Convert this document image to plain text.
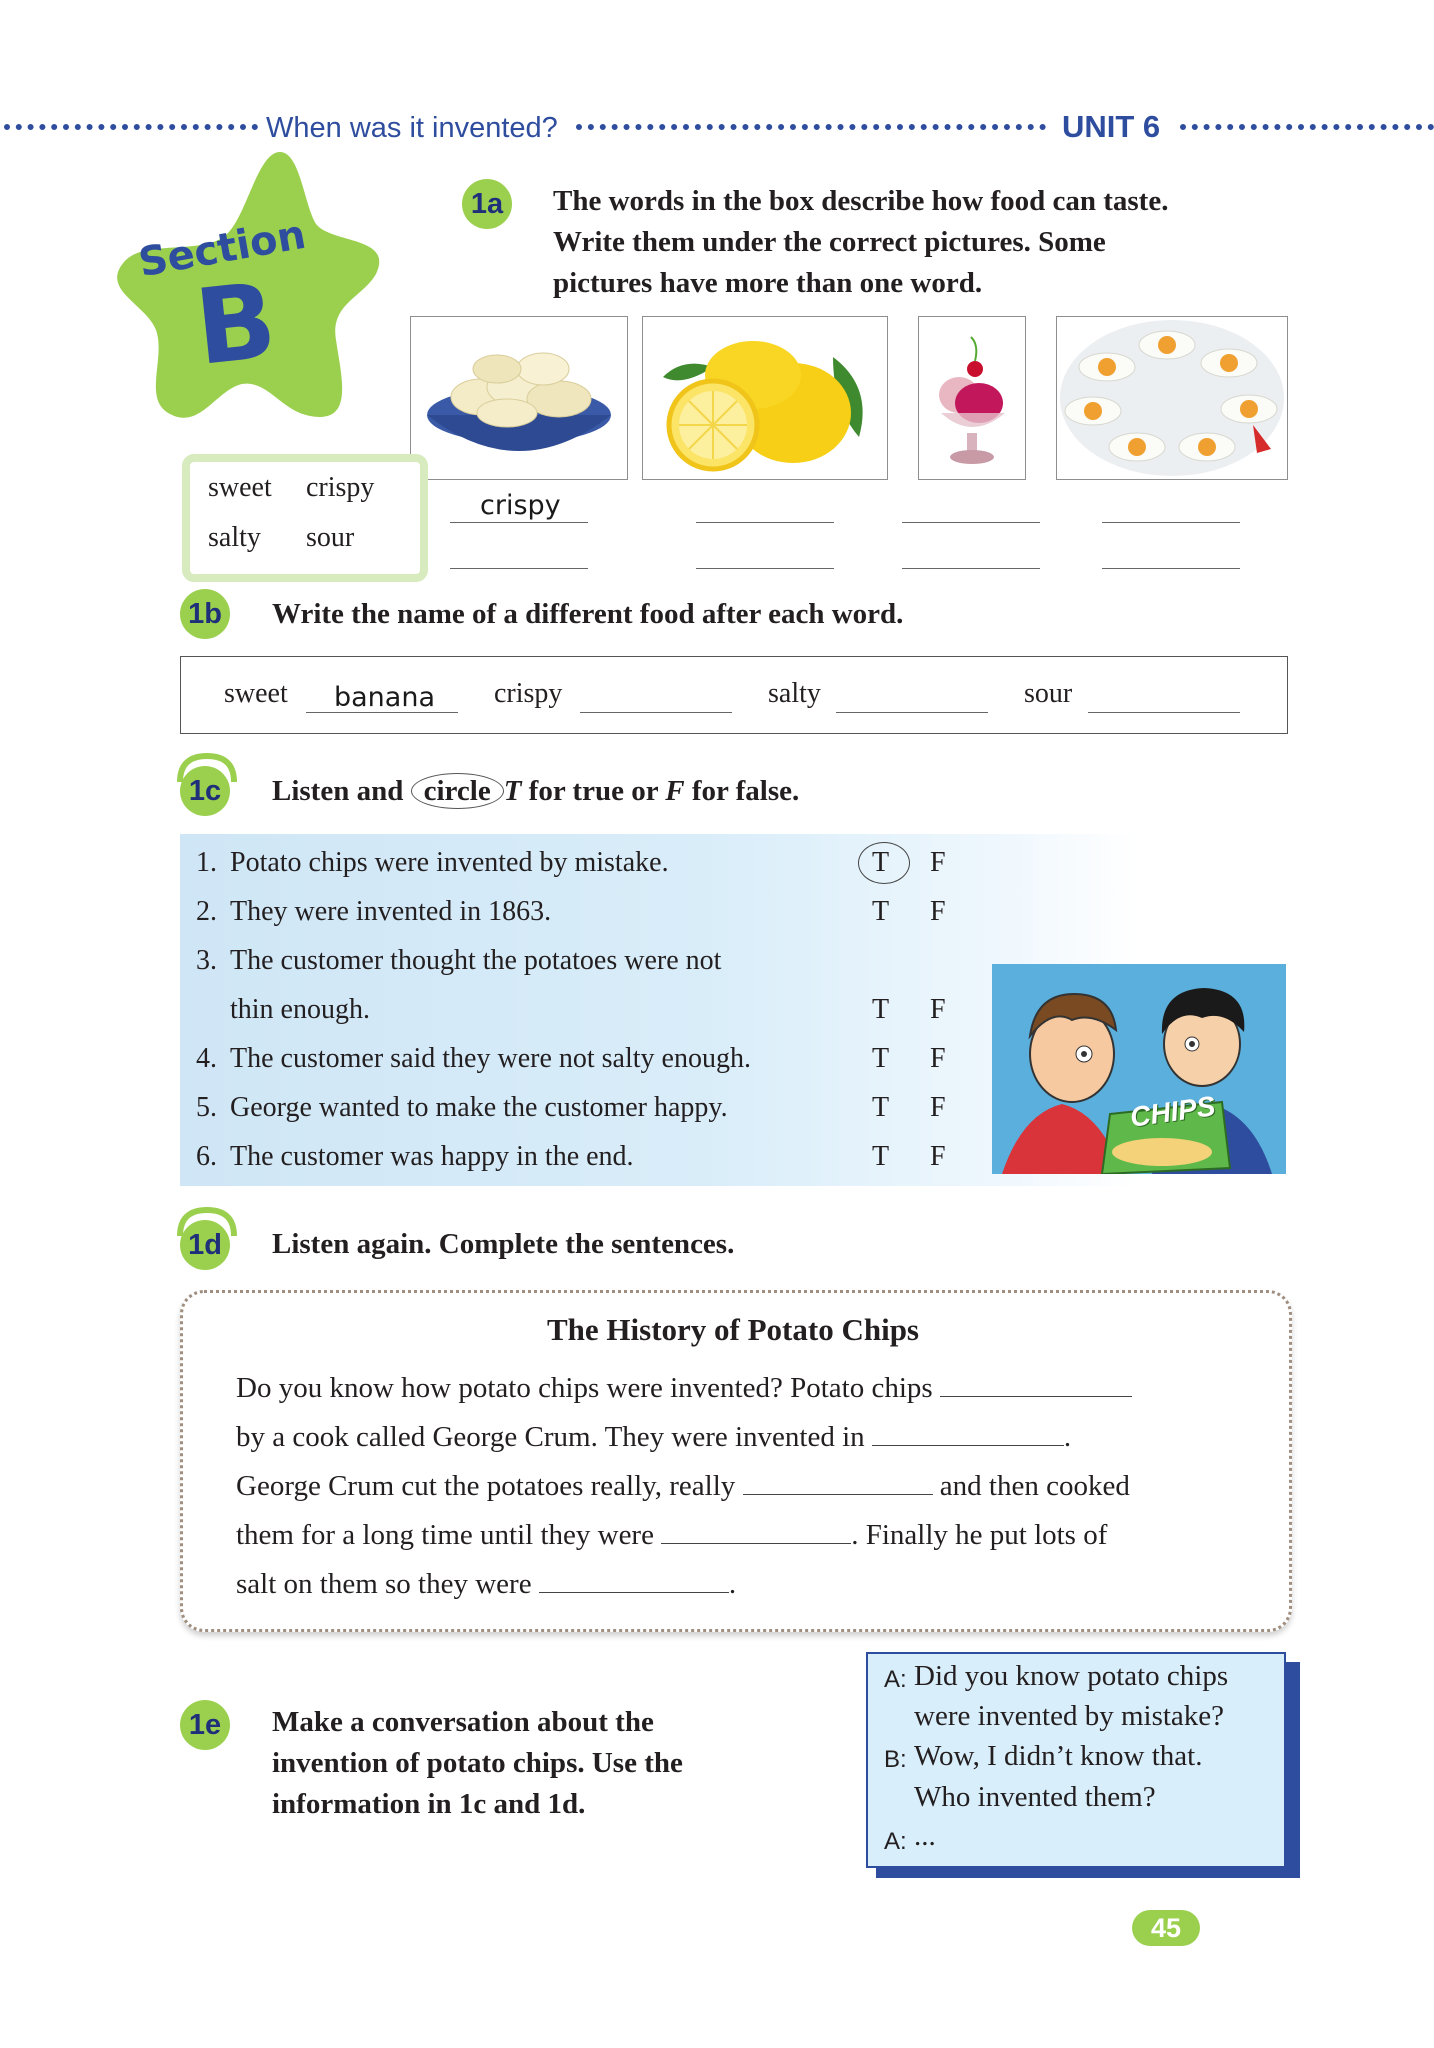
When was it invented?	UNIT 6
Section
B
1a	The words in the box describe how food can taste.
Write them under the correct pictures. Some
pictures have more than one word.
sweet crispy
salty sour
crispy
1b Write the name of a different food after each word.
sweet banana crispy	salty	sour
1c	Listen and circle T for true or F for false.
1. Potato chips were invented by mistake.	T F
2. They were invented in 1863.	T F
3. The customer thought the potatoes were not
thin enough.	T F
4. The customer said they were not salty enough.	T F
5. George wanted to make the customer happy.	T F
6. The customer was happy in the end.	T F
CHIPS
1d Listen again. Complete the sentences.
The History of Potato Chips
Do you know how potato chips were invented? Potato chips
by a cook called George Crum. They were invented in	.
George Crum cut the potatoes really, really	and then cooked
them for a long time until they were	. Finally he put lots of
salt on them so they were	.
1e	Make a conversation about the
invention of potato chips. Use the
information in 1c and 1d.
A: Did you know potato chips
were invented by mistake?
B: Wow, I didn’t know that.
Who invented them?
A: ...
45
